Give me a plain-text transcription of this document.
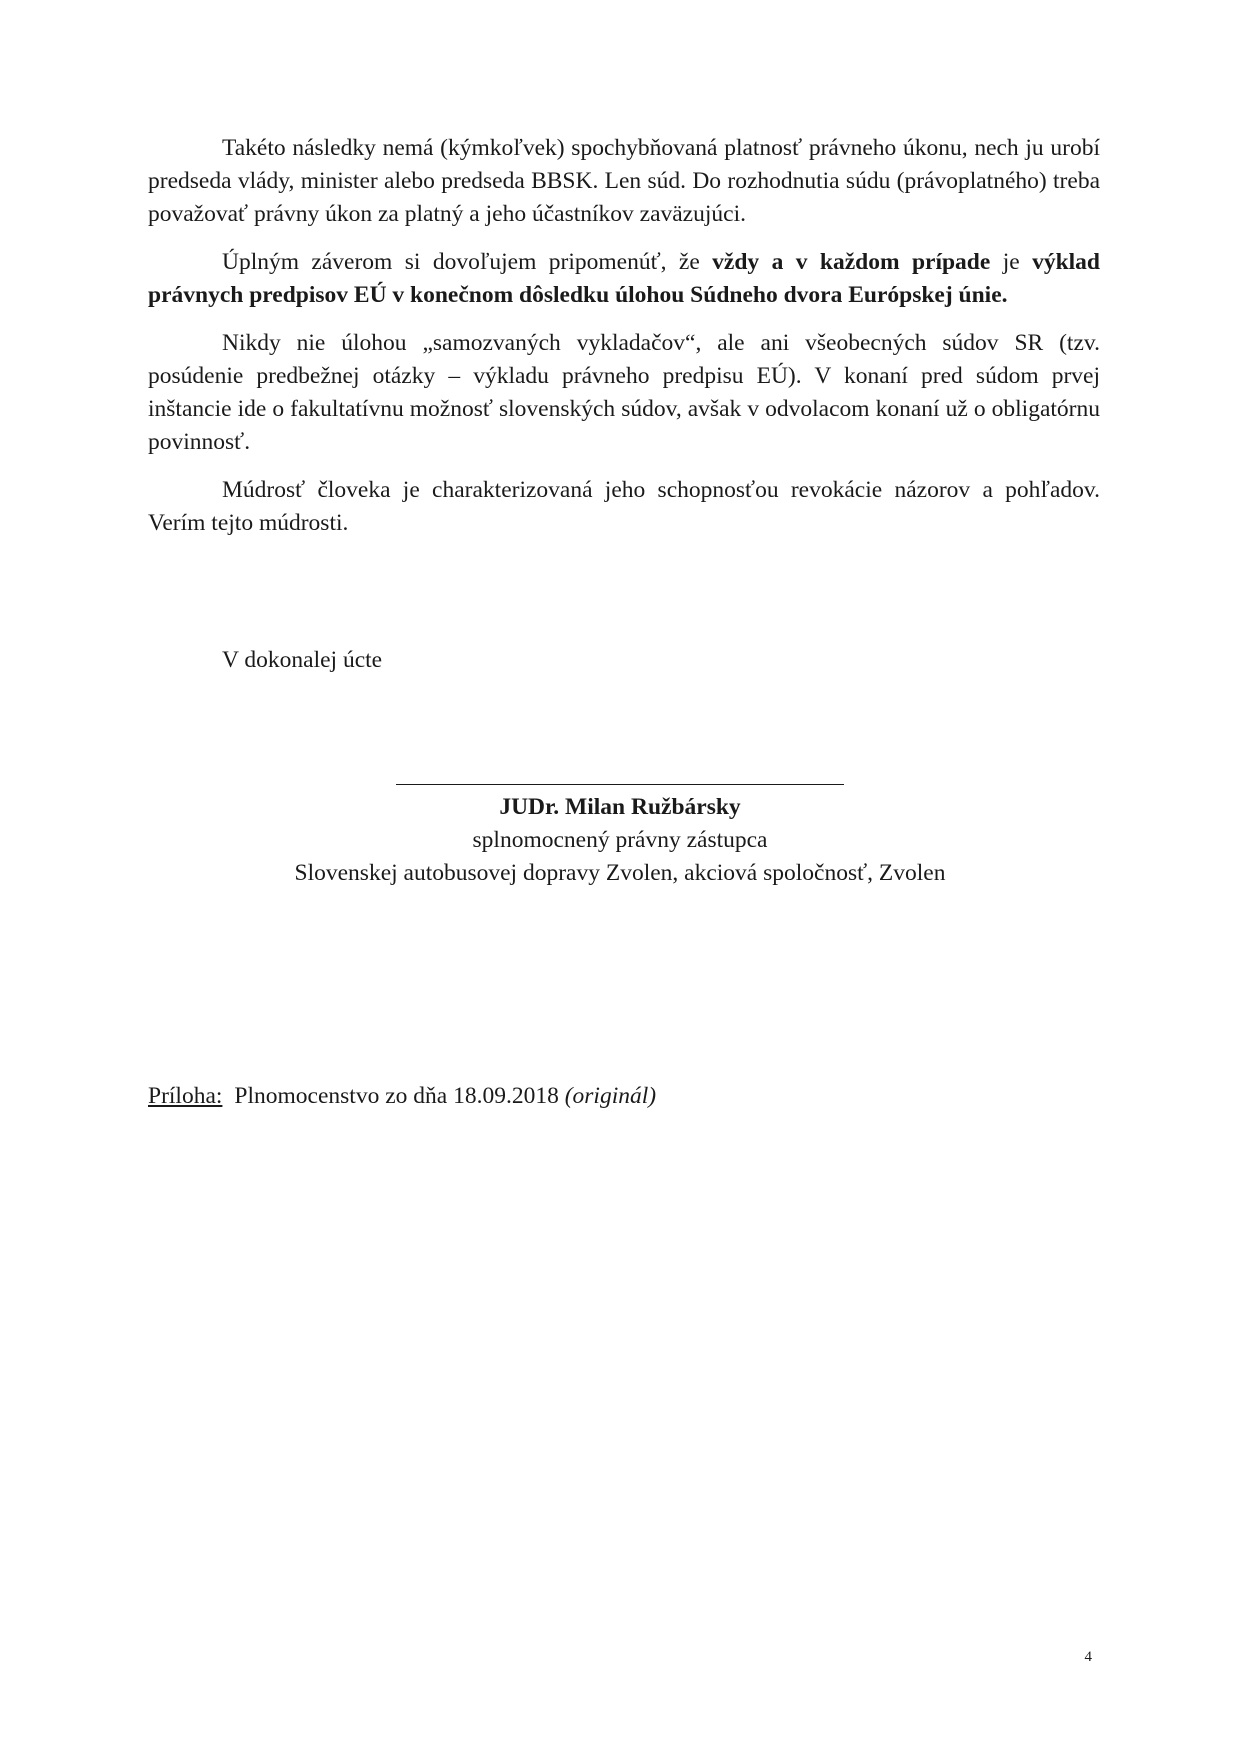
Takéto následky nemá (kýmkoľvek) spochybňovaná platnosť právneho úkonu, nech ju urobí predseda vlády, minister alebo predseda BBSK. Len súd. Do rozhodnutia súdu (právoplatného) treba považovať právny úkon za platný a jeho účastníkov zaväzujúci.

Úplným záverom si dovoľujem pripomenúť, že vždy a v každom prípade je výklad právnych predpisov EÚ v konečnom dôsledku úlohou Súdneho dvora Európskej únie.

Nikdy nie úlohou „samozvaných vykladačov“, ale ani všeobecných súdov SR (tzv. posúdenie predbežnej otázky – výkladu právneho predpisu EÚ). V konaní pred súdom prvej inštancie ide o fakultatívnu možnosť slovenských súdov, avšak v odvolacom konaní už o obligatórnu povinnosť.

Múdrosť človeka je charakterizovaná jeho schopnosťou revokácie názorov a pohľadov. Verím tejto múdrosti.

V dokonalej úcte

JUDr. Milan Ružbársky

splnomocnený právny zástupca

Slovenskej autobusovej dopravy Zvolen, akciová spoločnosť, Zvolen

Príloha: Plnomocenstvo zo dňa 18.09.2018 (originál)

4
